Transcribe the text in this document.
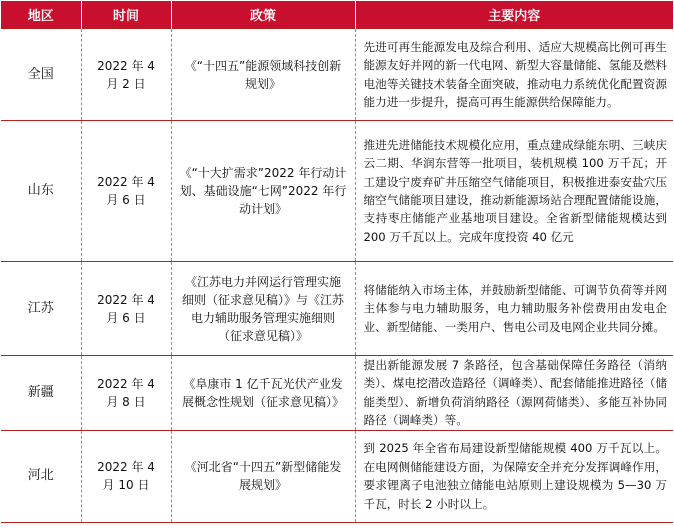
地区	时间	政策	主要内容
全国	2022 年 4 月 2 日	《“十四五”能源领域科技创新规划》	先进可再生能源发电及综合利用、适应大规模高比例可再生能源友好并网的新一代电网、新型大容量储能、氢能及燃料电池等关键技术装备全面突破，推动电力系统优化配置资源能力进一步提升，提高可再生能源供给保障能力。
山东	2022 年 4 月 6 日	《“十大扩需求”2022 年行动计划、基础设施“七网”2022 年行动计划》	推进先进储能技术规模化应用，重点建成绿能东明、三峡庆云二期、华润东营等一批项目，装机规模 100 万千瓦；开工建设宁废弃矿井压缩空气储能项目，积极推进泰安盐穴压缩空气储能项目建设，推动新能源场站合理配置储能设施，支持枣庄储能产业基地项目建设。全省新型储能规模达到 200 万千瓦以上。完成年度投资 40 亿元
江苏	2022 年 4 月 6 日	《江苏电力并网运行管理实施细则（征求意见稿）》与《江苏电力辅助服务管理实施细则（征求意见稿）》	将储能纳入市场主体，并鼓励新型储能、可调节负荷等并网主体参与电力辅助服务，电力辅助服务补偿费用由发电企业、新型储能、一类用户、售电公司及电网企业共同分摊。
新疆	2022 年 4 月 8 日	《阜康市 1 亿千瓦光伏产业发展概念性规划（征求意见稿）》	提出新能源发展 7 条路径，包含基础保障任务路径（消纳类）、煤电挖潜改造路径（调峰类）、配套储能推进路径（储能类型）、新增负荷消纳路径（源网荷储类）、多能互补协同路径（调峰类）等。
河北	2022 年 4 月 10 日	《河北省“十四五”新型储能发展规划》	到 2025 年全省布局建设新型储能规模 400 万千瓦以上。在电网侧储能建设方面，为保障安全并充分发挥调峰作用，要求锂离子电池独立储能电站原则上建设规模为 5—30 万千瓦，时长 2 小时以上。
